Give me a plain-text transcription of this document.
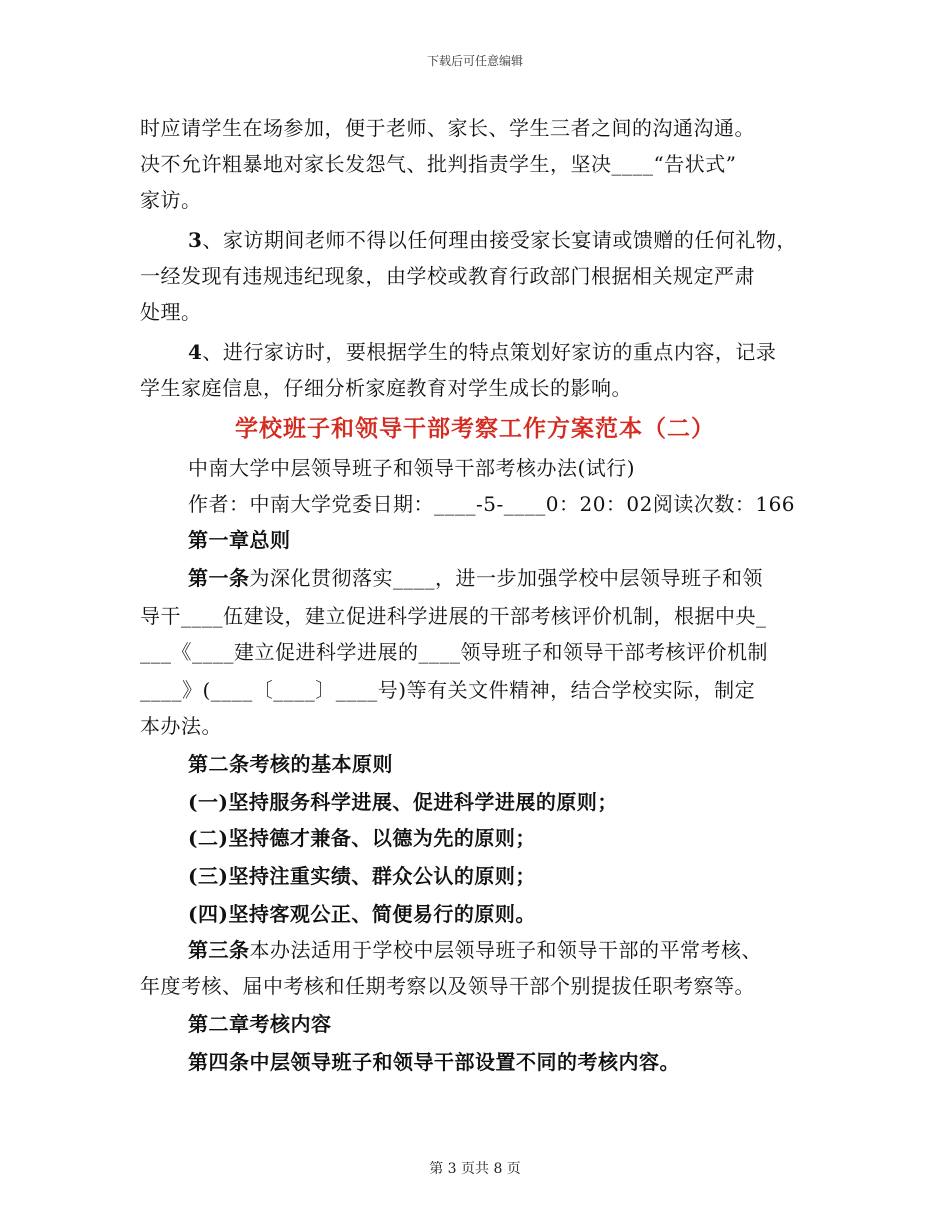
下载后可任意编辑
时应请学生在场参加，便于老师、家长、学生三者之间的沟通沟通。
决不允许粗暴地对家长发怨气、批判指责学生，坚决____“告状式”
家访。
3、家访期间老师不得以任何理由接受家长宴请或馈赠的任何礼物，
一经发现有违规违纪现象，由学校或教育行政部门根据相关规定严肃
处理。
4、进行家访时，要根据学生的特点策划好家访的重点内容，记录
学生家庭信息，仔细分析家庭教育对学生成长的影响。
学校班子和领导干部考察工作方案范本（二）
中南大学中层领导班子和领导干部考核办法(试行)
作者：中南大学党委日期：____-5-____0：20：02阅读次数：166
第一章总则
第一条为深化贯彻落实____，进一步加强学校中层领导班子和领
导干____伍建设，建立促进科学进展的干部考核评价机制，根据中央_
___《____建立促进科学进展的____领导班子和领导干部考核评价机制
____》(____〔____〕____号)等有关文件精神，结合学校实际，制定
本办法。
第二条考核的基本原则
(一)坚持服务科学进展、促进科学进展的原则；
(二)坚持德才兼备、以德为先的原则；
(三)坚持注重实绩、群众公认的原则；
(四)坚持客观公正、简便易行的原则。
第三条本办法适用于学校中层领导班子和领导干部的平常考核、
年度考核、届中考核和任期考察以及领导干部个别提拔任职考察等。
第二章考核内容
第四条中层领导班子和领导干部设置不同的考核内容。
第 3 页共 8 页
